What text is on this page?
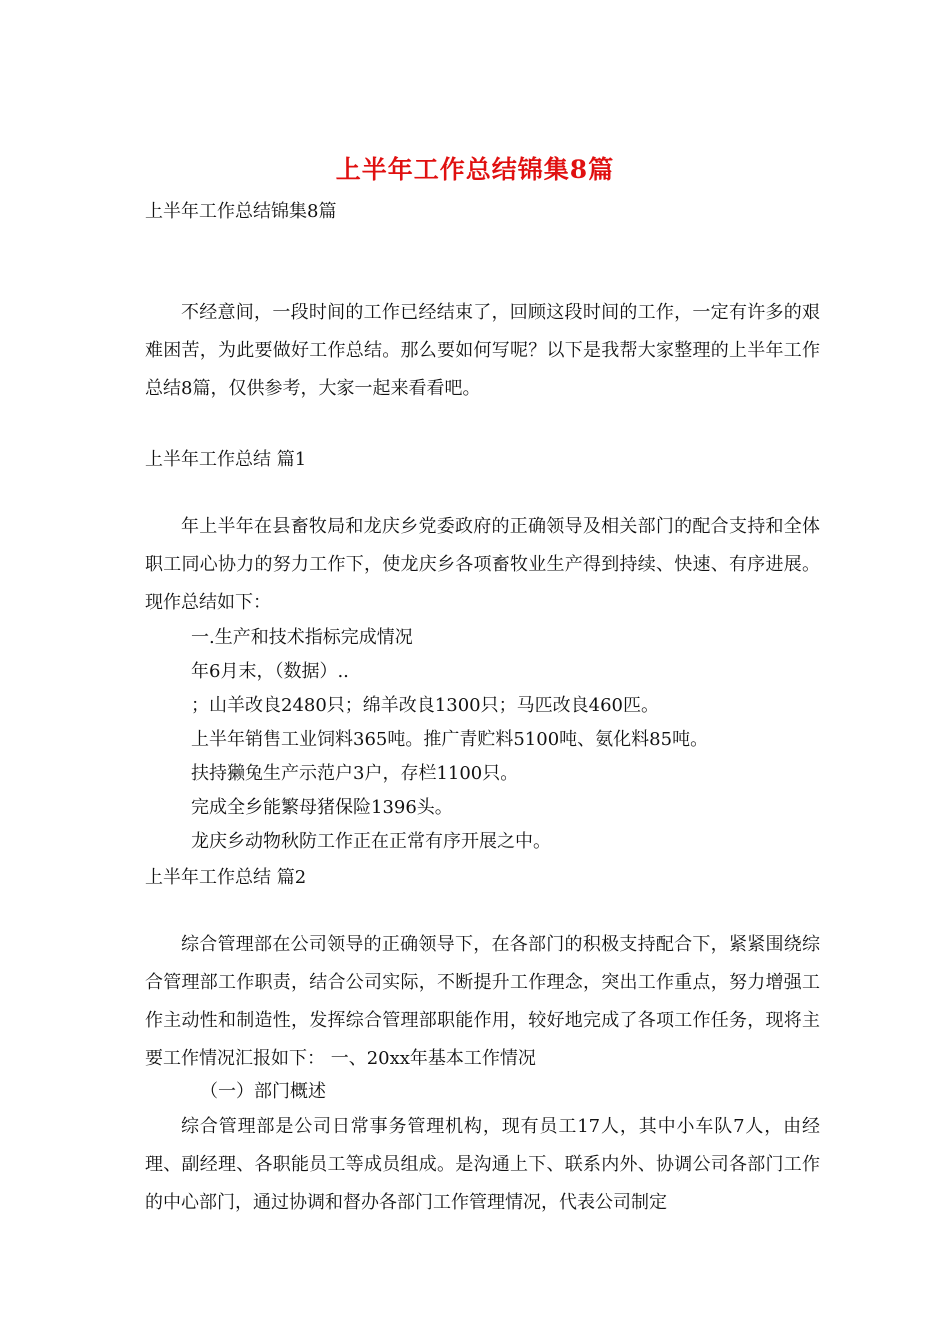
上半年工作总结锦集8篇
上半年工作总结锦集8篇

不经意间，一段时间的工作已经结束了，回顾这段时间的工作，一定有许多的艰难困苦，为此要做好工作总结。那么要如何写呢？以下是我帮大家整理的上半年工作总结8篇，仅供参考，大家一起来看看吧。

上半年工作总结 篇1

年上半年在县畜牧局和龙庆乡党委政府的正确领导及相关部门的配合支持和全体职工同心协力的努力工作下，使龙庆乡各项畜牧业生产得到持续、快速、有序进展。现作总结如下：

一.生产和技术指标完成情况
年6月末，（数据）..
；山羊改良2480只；绵羊改良1300只；马匹改良460匹。
上半年销售工业饲料365吨。推广青贮料5100吨、氨化料85吨。
扶持獭兔生产示范户3户，存栏1100只。
完成全乡能繁母猪保险1396头。
龙庆乡动物秋防工作正在正常有序开展之中。
上半年工作总结 篇2

综合管理部在公司领导的正确领导下，在各部门的积极支持配合下，紧紧围绕综合管理部工作职责，结合公司实际，不断提升工作理念，突出工作重点，努力增强工作主动性和制造性，发挥综合管理部职能作用，较好地完成了各项工作任务，现将主要工作情况汇报如下： 一、20xx年基本工作情况

（一）部门概述

综合管理部是公司日常事务管理机构，现有员工17人，其中小车队7人，由经理、副经理、各职能员工等成员组成。是沟通上下、联系内外、协调公司各部门工作的中心部门，通过协调和督办各部门工作管理情况，代表公司制定
